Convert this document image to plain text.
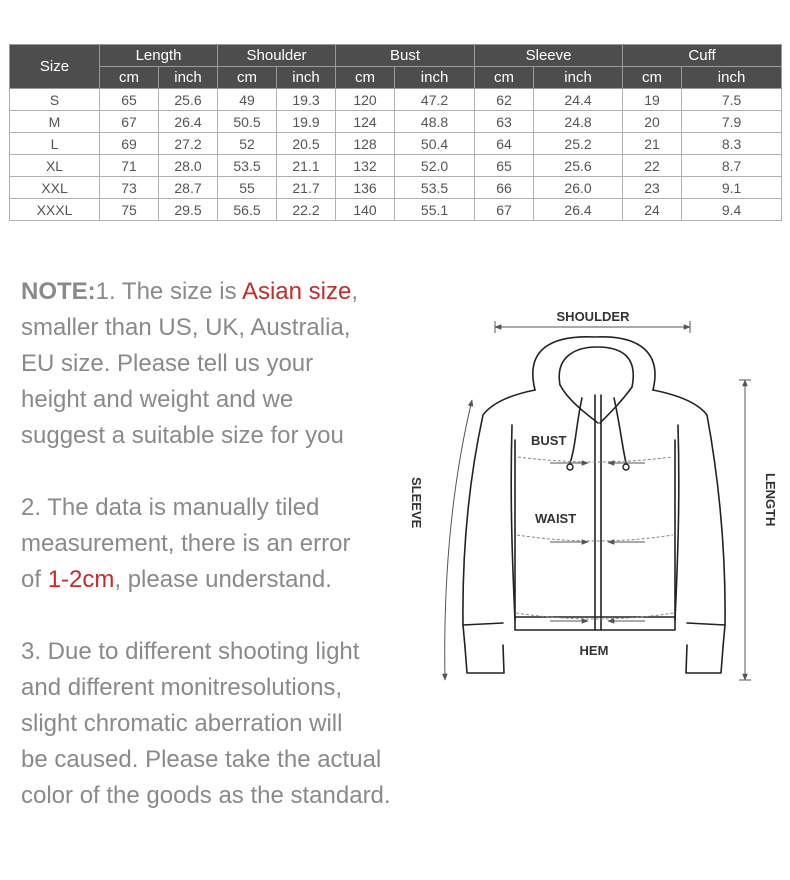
Size	Length		Shoulder		Bust		Sleeve		Cuff	
	cm	inch	cm	inch	cm	inch	cm	inch	cm	inch
S	65	25.6	49	19.3	120	47.2	62	24.4	19	7.5
M	67	26.4	50.5	19.9	124	48.8	63	24.8	20	7.9
L	69	27.2	52	20.5	128	50.4	64	25.2	21	8.3
XL	71	28.0	53.5	21.1	132	52.0	65	25.6	22	8.7
XXL	73	28.7	55	21.7	136	53.5	66	26.0	23	9.1
XXXL	75	29.5	56.5	22.2	140	55.1	67	26.4	24	9.4

NOTE:1. The size is Asian size,
smaller than US, UK, Australia,
EU size. Please tell us your
height and weight and we
suggest a suitable size for you

2. The data is manually tiled
measurement, there is an error
of 1-2cm, please understand.

3. Due to different shooting light
and different monitresolutions,
slight chromatic aberration will
be caused. Please take the actual
color of the goods as the standard.

SHOULDER
LENGTH
SLEEVE
BUST
WAIST
HEM
